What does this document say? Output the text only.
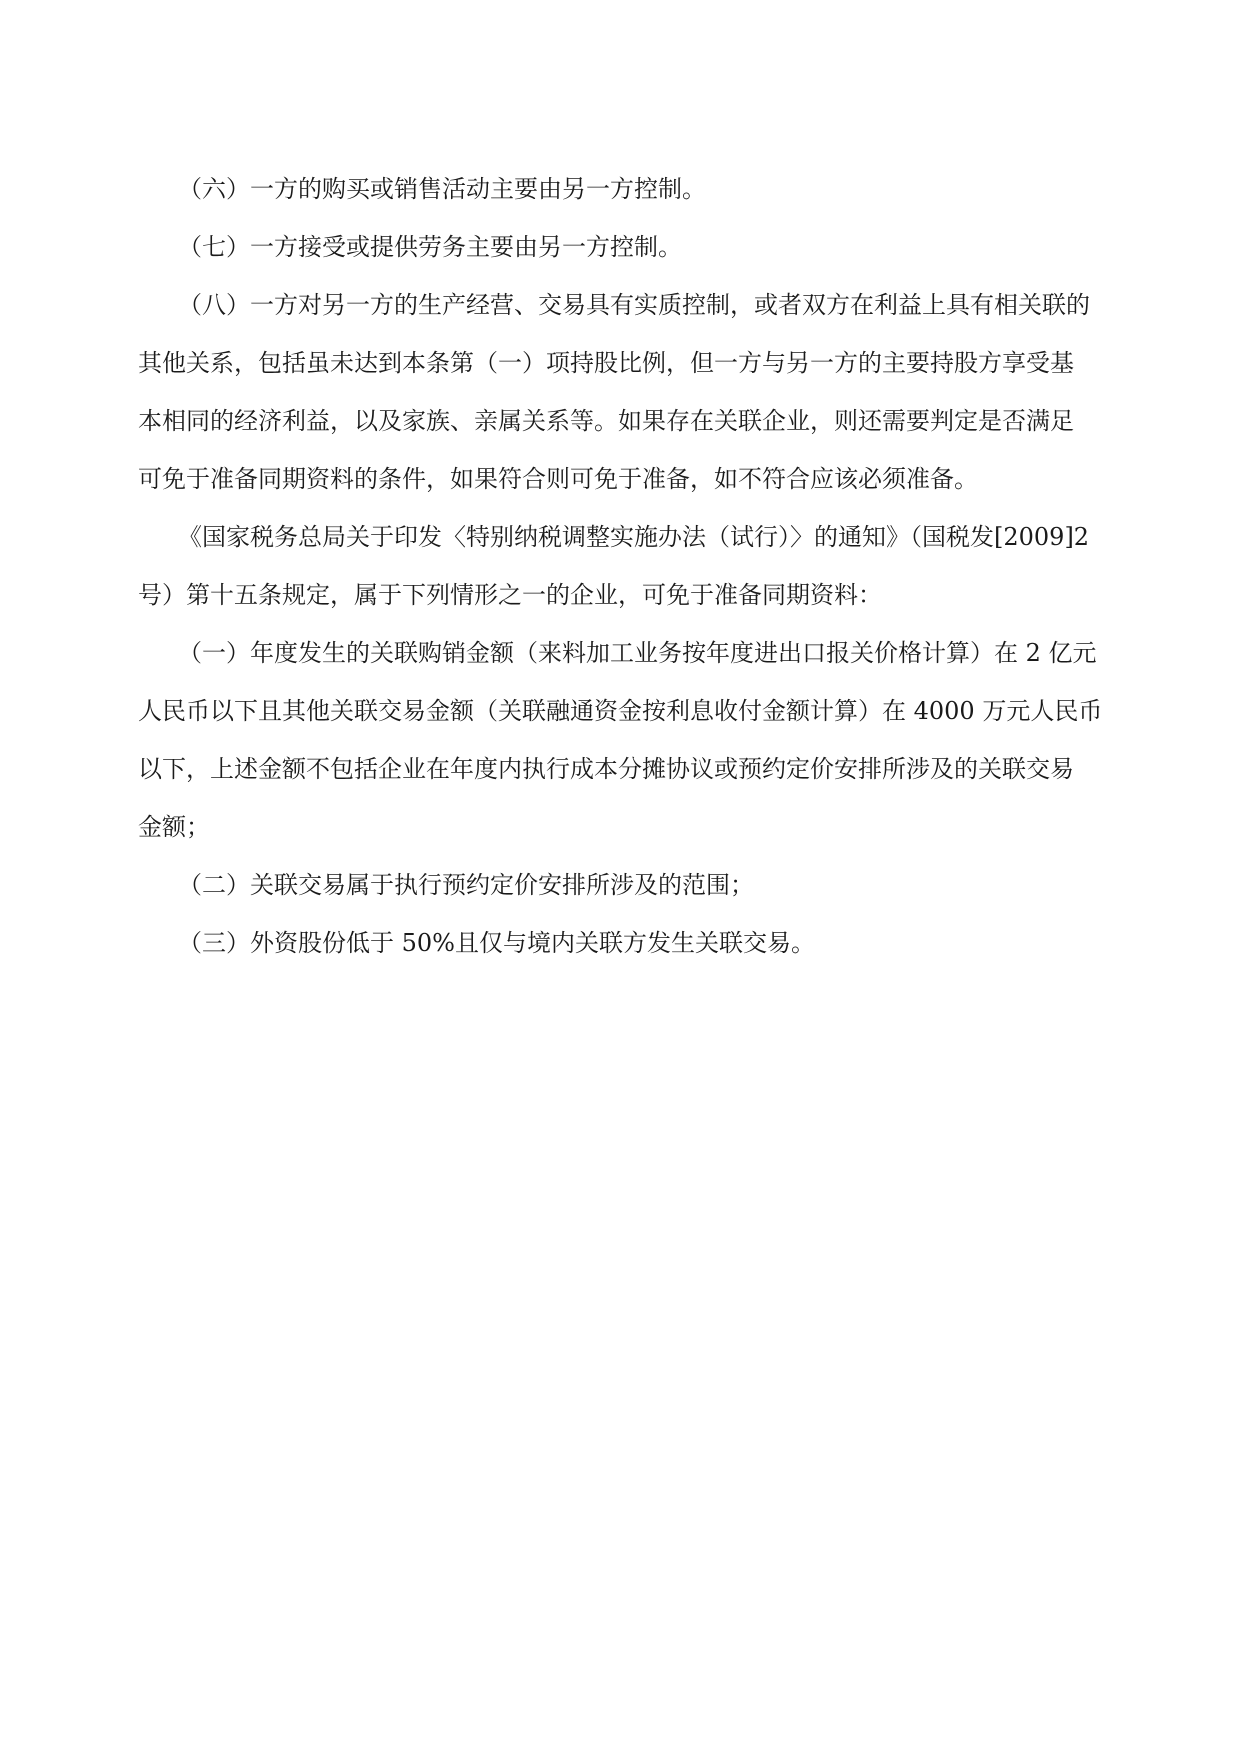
（六）一方的购买或销售活动主要由另一方控制。
（七）一方接受或提供劳务主要由另一方控制。
（八）一方对另一方的生产经营、交易具有实质控制，或者双方在利益上具有相关联的
其他关系，包括虽未达到本条第（一）项持股比例，但一方与另一方的主要持股方享受基
本相同的经济利益，以及家族、亲属关系等。如果存在关联企业，则还需要判定是否满足
可免于准备同期资料的条件，如果符合则可免于准备，如不符合应该必须准备。
《国家税务总局关于印发〈特别纳税调整实施办法（试行）〉的通知》（国税发[2009]2
号）第十五条规定，属于下列情形之一的企业，可免于准备同期资料：
（一）年度发生的关联购销金额（来料加工业务按年度进出口报关价格计算）在 2 亿元
人民币以下且其他关联交易金额（关联融通资金按利息收付金额计算）在 4000 万元人民币
以下，上述金额不包括企业在年度内执行成本分摊协议或预约定价安排所涉及的关联交易
金额；
（二）关联交易属于执行预约定价安排所涉及的范围；
（三）外资股份低于 50%且仅与境内关联方发生关联交易。
